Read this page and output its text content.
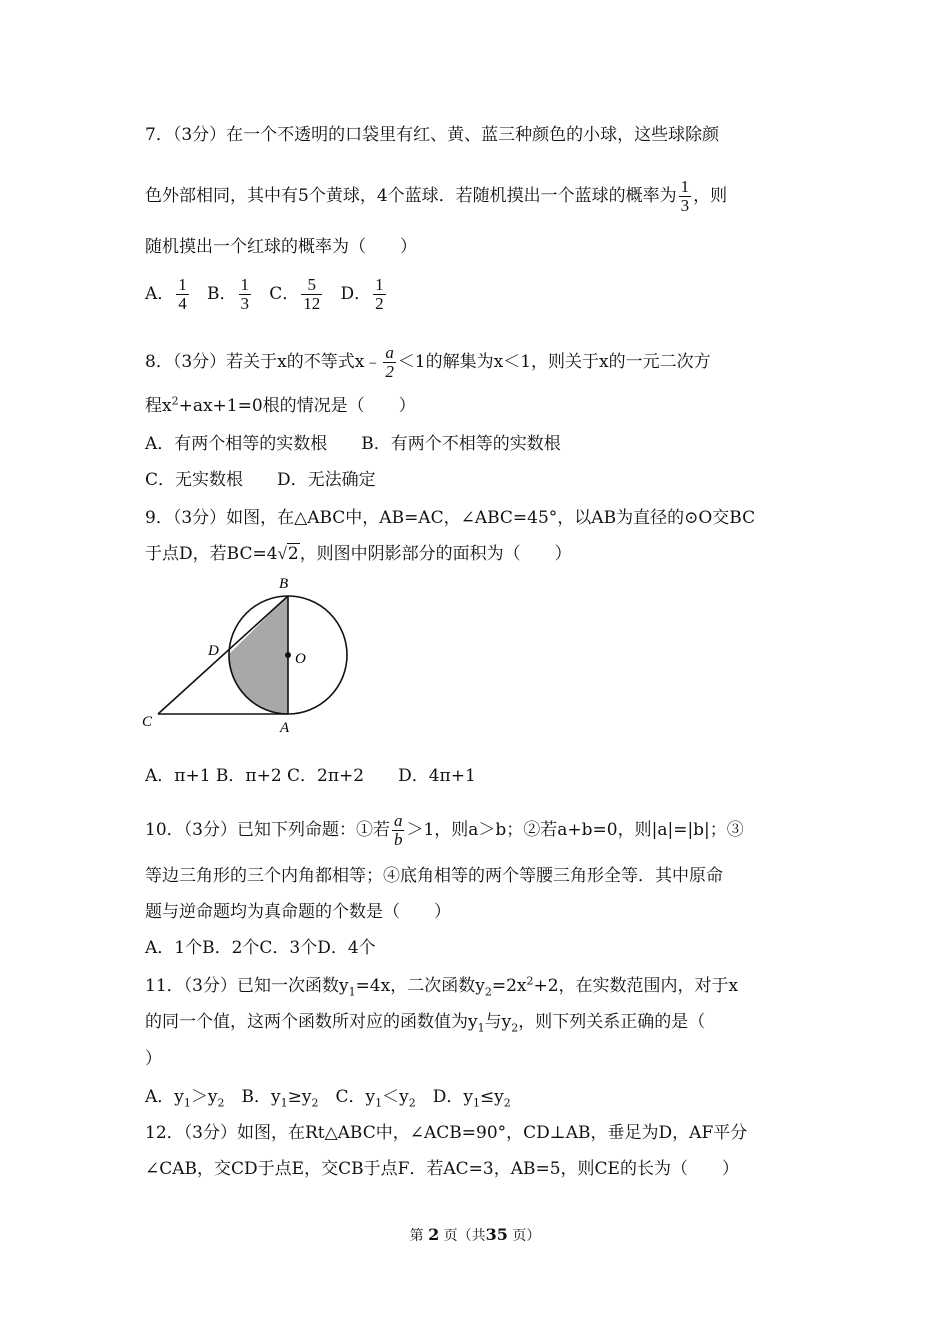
7．（3分）在一个不透明的口袋里有红、黄、蓝三种颜色的小球，这些球除颜
色外部相同，其中有5个黄球，4个蓝球．若随机摸出一个蓝球的概率为 $\frac{1}{3}$ ，则
随机摸出一个红球的概率为（　　）
A． $\frac{1}{4}$ B． $\frac{1}{3}$ C． $\frac{5}{12}$ D． $\frac{1}{2}$
8．（3分）若关于x的不等式x﹣ $\frac{a}{2} <1$的解集为x＜1，则关于x的一元二次方
程$x^2+ax+1=0$根的情况是（　　）
A．有两个相等的实数根　　B．有两个不相等的实数根
C．无实数根　　D．无法确定
9．（3分）如图，在△ABC中，AB=AC，∠ABC=45°，以AB为直径的⊙O交BC
于点D，若BC=4√2，则图中阴影部分的面积为（　　）
B
D	O
C	A
A．π+1 B．π+2 C．2π+2　　D．4π+1
10．（3分）已知下列命题：①若 $\frac{a}{b} >1$，则a＞b；②若a+b=0，则|a|=|b|；③
等边三角形的三个内角都相等；④底角相等的两个等腰三角形全等．其中原命
题与逆命题均为真命题的个数是（　　）
A．1个B．2个C．3个D．4个
11．（3分）已知一次函数$y_1=4x$，二次函数$y_2=2x^2+2$，在实数范围内，对于x
的同一个值，这两个函数所对应的函数值为$y_1$与$y_2$，则下列关系正确的是（
）
A．$y_1>y_2$　B．$y_1\ge y_2$　C．$y_1<y_2$　D．$y_1\le y_2$
12．（3分）如图，在Rt△ABC中，∠ACB=90°，CD⊥AB，垂足为D，AF平分
∠CAB，交CD于点E，交CB于点F．若AC=3，AB=5，则CE的长为（　　）
第 2 页（共35 页）
